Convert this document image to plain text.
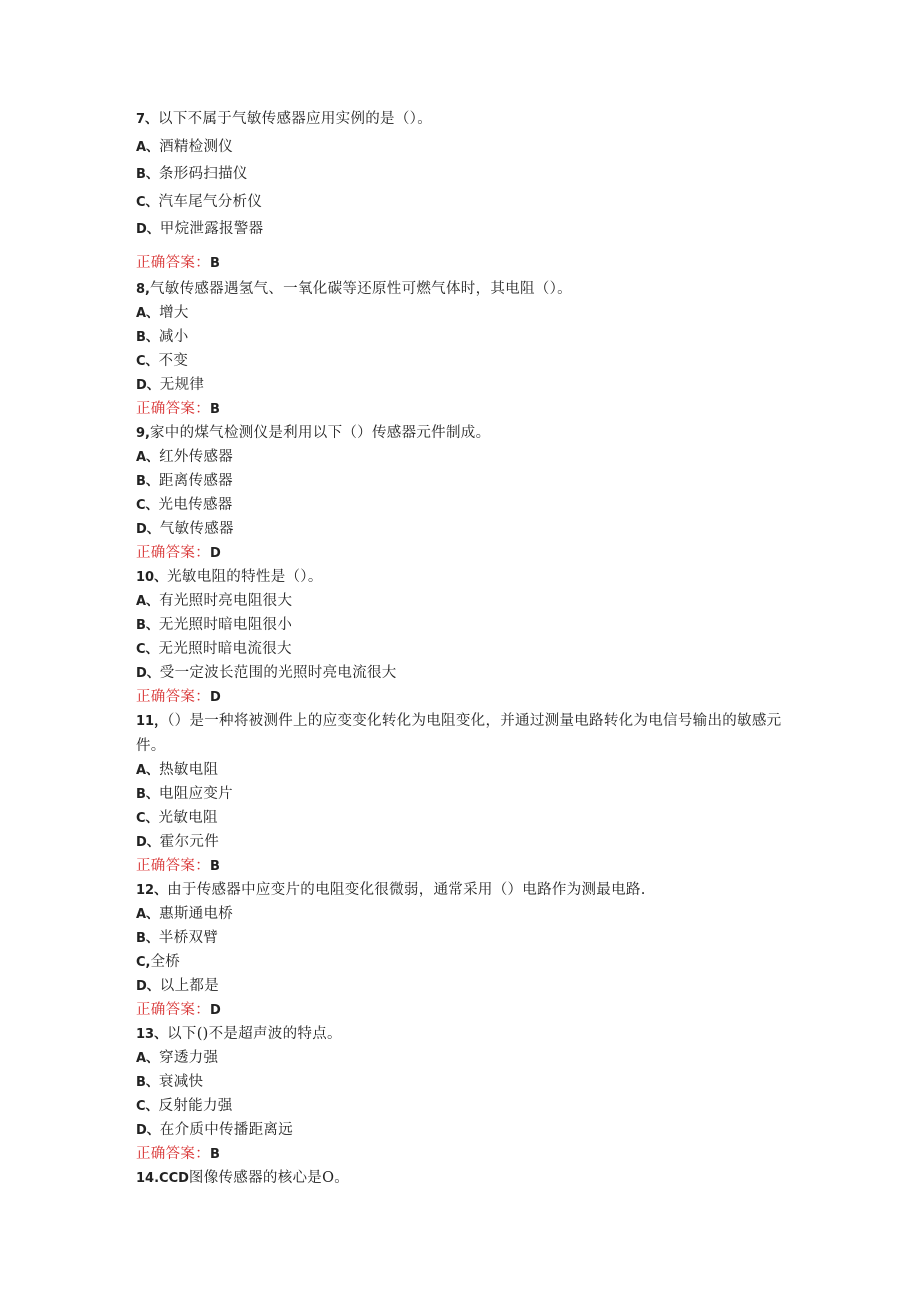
7、以下不属于气敏传感器应用实例的是（）。
A、酒精检测仪
B、条形码扫描仪
C、汽车尾气分析仪
D、甲烷泄露报警器
正确答案：B
8,气敏传感器遇氢气、一氧化碳等还原性可燃气体时，其电阻（）。
A、增大
B、减小
C、不变
D、无规律
正确答案：B
9,家中的煤气检测仪是利用以下（）传感器元件制成。
A、红外传感器
B、距离传感器
C、光电传感器
D、气敏传感器
正确答案：D
10、光敏电阻的特性是（）。
A、有光照时亮电阻很大
B、无光照时暗电阻很小
C、无光照时暗电流很大
D、受一定波长范围的光照时亮电流很大
正确答案：D
11，（）是一种将被测件上的应变变化转化为电阻变化，并通过测量电路转化为电信号输出的敏感元件。
A、热敏电阻
B、电阻应变片
C、光敏电阻
D、霍尔元件
正确答案：B
12、由于传感器中应变片的电阻变化很微弱，通常采用（）电路作为测最电路.
A、惠斯通电桥
B、半桥双臂
C,全桥
D、以上都是
正确答案：D
13、以下()不是超声波的特点。
A、穿透力强
B、衰减快
C、反射能力强
D、在介质中传播距离远
正确答案：B
14.CCD图像传感器的核心是O。
